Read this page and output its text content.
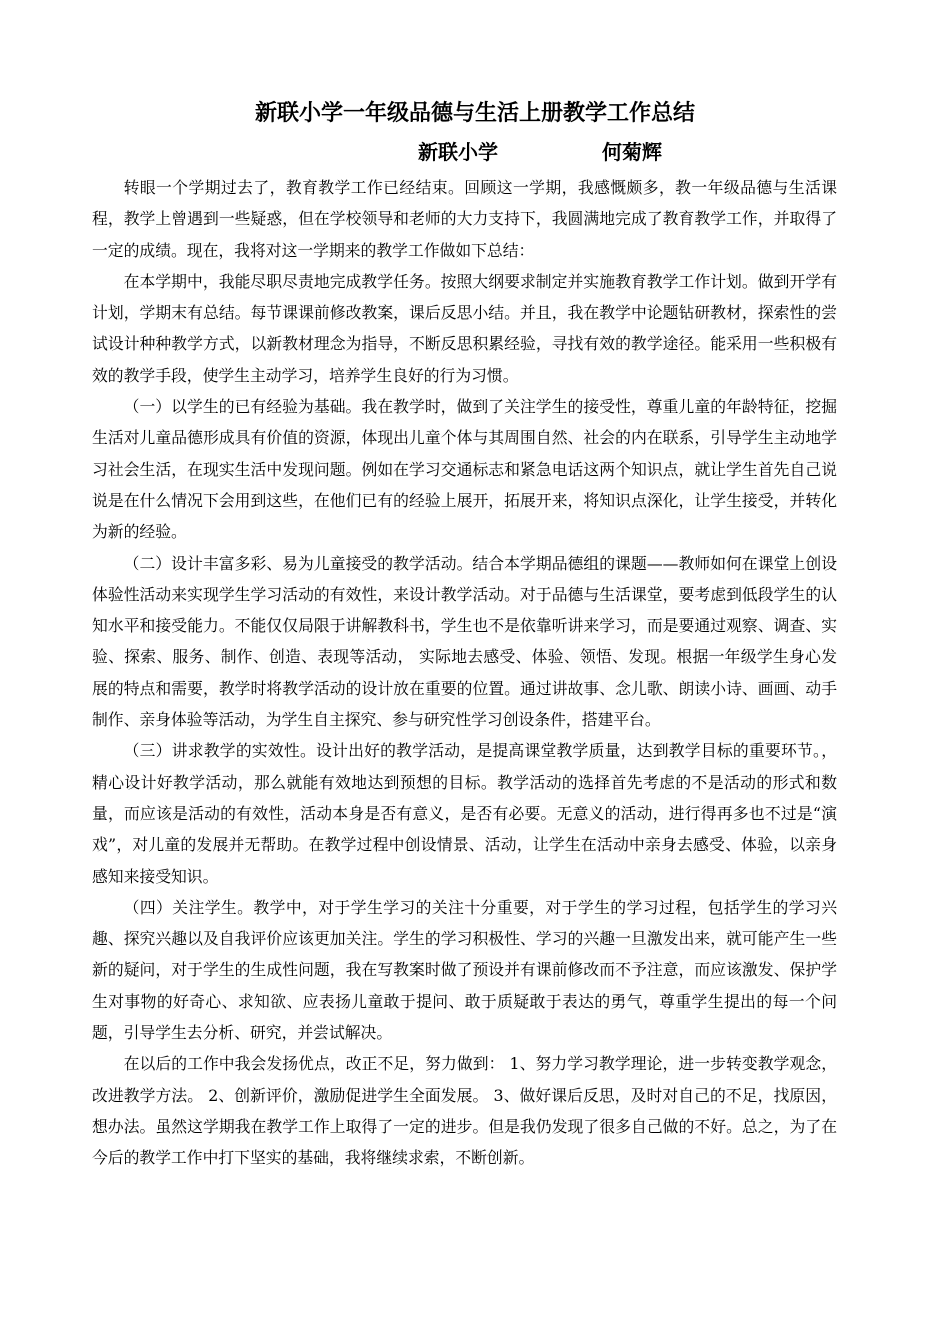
新联小学一年级品德与生活上册教学工作总结
新联小学	何菊辉

转眼一个学期过去了，教育教学工作已经结束。回顾这一学期，我感慨颇多，教一年级品德与生活课程，教学上曾遇到一些疑惑，但在学校领导和老师的大力支持下，我圆满地完成了教育教学工作，并取得了一定的成绩。现在，我将对这一学期来的教学工作做如下总结：

在本学期中，我能尽职尽责地完成教学任务。按照大纲要求制定并实施教育教学工作计划。做到开学有计划，学期末有总结。每节课课前修改教案，课后反思小结。并且，我在教学中论题钻研教材，探索性的尝试设计种种教学方式，以新教材理念为指导，不断反思积累经验，寻找有效的教学途径。能采用一些积极有效的教学手段，使学生主动学习，培养学生良好的行为习惯。

（一）以学生的已有经验为基础。我在教学时，做到了关注学生的接受性，尊重儿童的年龄特征，挖掘生活对儿童品德形成具有价值的资源，体现出儿童个体与其周围自然、社会的内在联系，引导学生主动地学习社会生活，在现实生活中发现问题。例如在学习交通标志和紧急电话这两个知识点，就让学生首先自己说说是在什么情况下会用到这些，在他们已有的经验上展开，拓展开来，将知识点深化，让学生接受，并转化为新的经验。

（二）设计丰富多彩、易为儿童接受的教学活动。结合本学期品德组的课题——教师如何在课堂上创设体验性活动来实现学生学习活动的有效性，来设计教学活动。对于品德与生活课堂，要考虑到低段学生的认知水平和接受能力。不能仅仅局限于讲解教科书，学生也不是依靠听讲来学习，而是要通过观察、调查、实验、探索、服务、制作、创造、表现等活动， 实际地去感受、体验、领悟、发现。根据一年级学生身心发展的特点和需要，教学时将教学活动的设计放在重要的位置。通过讲故事、念儿歌、朗读小诗、画画、动手制作、亲身体验等活动，为学生自主探究、参与研究性学习创设条件，搭建平台。

（三）讲求教学的实效性。设计出好的教学活动，是提高课堂教学质量，达到教学目标的重要环节。，精心设计好教学活动，那么就能有效地达到预想的目标。教学活动的选择首先考虑的不是活动的形式和数量，而应该是活动的有效性，活动本身是否有意义，是否有必要。无意义的活动，进行得再多也不过是“演戏”，对儿童的发展并无帮助。在教学过程中创设情景、活动，让学生在活动中亲身去感受、体验，以亲身感知来接受知识。

（四）关注学生。教学中，对于学生学习的关注十分重要，对于学生的学习过程，包括学生的学习兴趣、探究兴趣以及自我评价应该更加关注。学生的学习积极性、学习的兴趣一旦激发出来，就可能产生一些新的疑问，对于学生的生成性问题，我在写教案时做了预设并有课前修改而不予注意，而应该激发、保护学生对事物的好奇心、求知欲、应表扬儿童敢于提问、敢于质疑敢于表达的勇气，尊重学生提出的每一个问题，引导学生去分析、研究，并尝试解决。

在以后的工作中我会发扬优点，改正不足，努力做到： 1、努力学习教学理论，进一步转变教学观念，改进教学方法。 2、创新评价，激励促进学生全面发展。 3、做好课后反思，及时对自己的不足，找原因，想办法。虽然这学期我在教学工作上取得了一定的进步。但是我仍发现了很多自己做的不好。总之，为了在今后的教学工作中打下坚实的基础，我将继续求索，不断创新。
